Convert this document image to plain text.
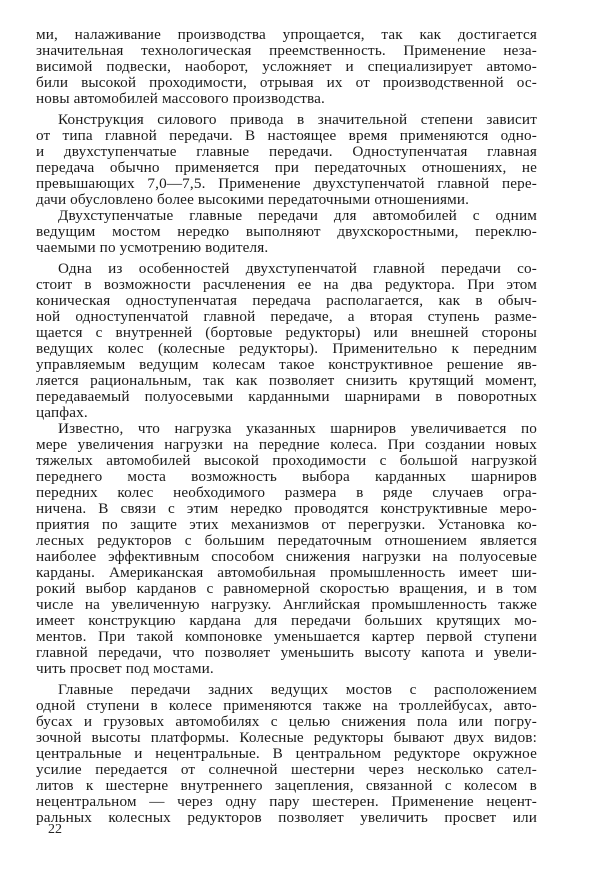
ми, налаживание производства упрощается, так как достигается
значительная технологическая преемственность. Применение неза-
висимой подвески, наоборот, усложняет и специализирует автомо-
били высокой проходимости, отрывая их от производственной ос-
новы автомобилей массового производства.

Конструкция силового привода в значительной степени зависит
от типа главной передачи. В настоящее время применяются одно-
и двухступенчатые главные передачи. Одноступенчатая главная
передача обычно применяется при передаточных отношениях, не
превышающих 7,0—7,5. Применение двухступенчатой главной пере-
дачи обусловлено более высокими передаточными отношениями.

Двухступенчатые главные передачи для автомобилей с одним
ведущим мостом нередко выполняют двухскоростными, переклю-
чаемыми по усмотрению водителя.

Одна из особенностей двухступенчатой главной передачи со-
стоит в возможности расчленения ее на два редуктора. При этом
коническая одноступенчатая передача располагается, как в обыч-
ной одноступенчатой главной передаче, а вторая ступень разме-
щается с внутренней (бортовые редукторы) или внешней стороны
ведущих колес (колесные редукторы). Применительно к передним
управляемым ведущим колесам такое конструктивное решение яв-
ляется рациональным, так как позволяет снизить крутящий момент,
передаваемый полуосевыми карданными шарнирами в поворотных
цапфах.

Известно, что нагрузка указанных шарниров увеличивается по
мере увеличения нагрузки на передние колеса. При создании новых
тяжелых автомобилей высокой проходимости с большой нагрузкой
переднего моста возможность выбора карданных шарниров
передних колес необходимого размера в ряде случаев огра-
ничена. В связи с этим нередко проводятся конструктивные меро-
приятия по защите этих механизмов от перегрузки. Установка ко-
лесных редукторов с большим передаточным отношением является
наиболее эффективным способом снижения нагрузки на полуосевые
карданы. Американская автомобильная промышленность имеет ши-
рокий выбор карданов с равномерной скоростью вращения, и в том
числе на увеличенную нагрузку. Английская промышленность также
имеет конструкцию кардана для передачи больших крутящих мо-
ментов. При такой компоновке уменьшается картер первой ступени
главной передачи, что позволяет уменьшить высоту капота и увели-
чить просвет под мостами.

Главные передачи задних ведущих мостов с расположением
одной ступени в колесе применяются также на троллейбусах, авто-
бусах и грузовых автомобилях с целью снижения пола или погру-
зочной высоты платформы. Колесные редукторы бывают двух видов:
центральные и нецентральные. В центральном редукторе окружное
усилие передается от солнечной шестерни через несколько сател-
литов к шестерне внутреннего зацепления, связанной с колесом в
нецентральном — через одну пару шестерен. Применение нецент-
ральных колесных редукторов позволяет увеличить просвет или

22
